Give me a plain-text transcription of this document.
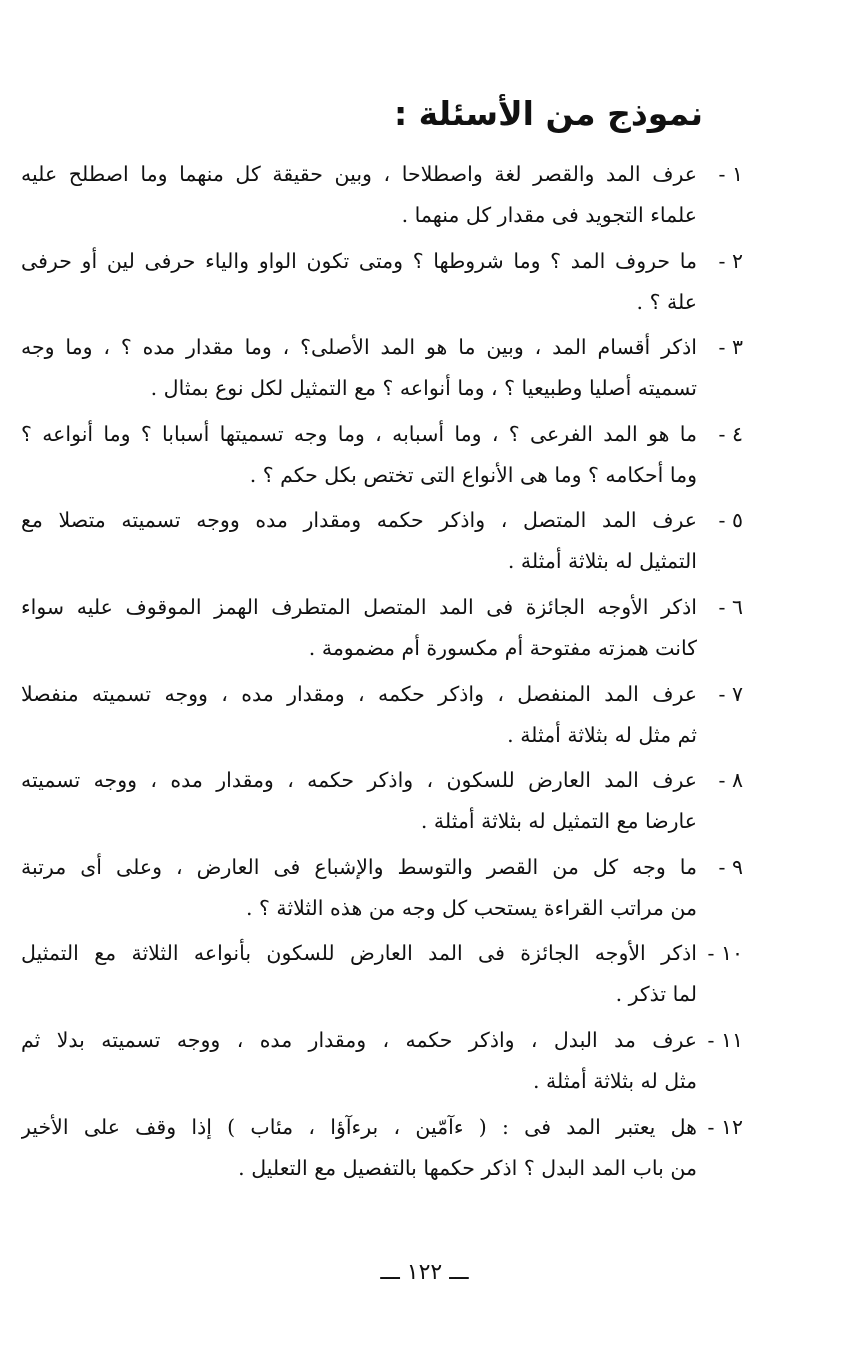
نموذج من الأسئلة :
١ -
عرف المد والقصر لغة واصطلاحا ، وبين حقيقة كل منهما وما اصطلح عليه
علماء التجويد فى مقدار كل منهما .
٢ -
ما حروف المد ؟ وما شروطها ؟ ومتى تكون الواو والياء حرفى لين أو حرفى
علة ؟ .
٣ -
اذكر أقسام المد ، وبين ما هو المد الأصلى؟ ، وما مقدار مده ؟ ، وما وجه
تسميته أصليا وطبيعيا ؟ ، وما أنواعه ؟ مع التمثيل لكل نوع بمثال .
٤ -
ما هو المد الفرعى ؟ ، وما أسبابه ، وما وجه تسميتها أسبابا ؟ وما أنواعه ؟
وما أحكامه ؟ وما هى الأنواع التى تختص بكل حكم ؟ .
٥ -
عرف المد المتصل ، واذكر حكمه ومقدار مده ووجه تسميته متصلا مع
التمثيل له بثلاثة أمثلة .
٦ -
اذكر الأوجه الجائزة فى المد المتصل المتطرف الهمز الموقوف عليه سواء
كانت همزته مفتوحة أم مكسورة أم مضمومة .
٧ -
عرف المد المنفصل ، واذكر حكمه ، ومقدار مده ، ووجه تسميته منفصلا
ثم مثل له بثلاثة أمثلة .
٨ -
عرف المد العارض للسكون ، واذكر حكمه ، ومقدار مده ، ووجه تسميته
عارضا مع التمثيل له بثلاثة أمثلة .
٩ -
ما وجه كل من القصر والتوسط والإشباع فى العارض ، وعلى أى مرتبة
من مراتب القراءة يستحب كل وجه من هذه الثلاثة ؟ .
١٠ -
اذكر الأوجه الجائزة فى المد العارض للسكون بأنواعه الثلاثة مع التمثيل
لما تذكر .
١١ -
عرف مد البدل ، واذكر حكمه ، ومقدار مده ، ووجه تسميته بدلا ثم
مثل له بثلاثة أمثلة .
١٢ -
هل يعتبر المد فى : ( ءآمّين ، برءآؤا ، مئاب ) إذا وقف على الأخير
من باب المد البدل ؟ اذكر حكمها بالتفصيل مع التعليل .
ـــ ١٢٢ ـــ
